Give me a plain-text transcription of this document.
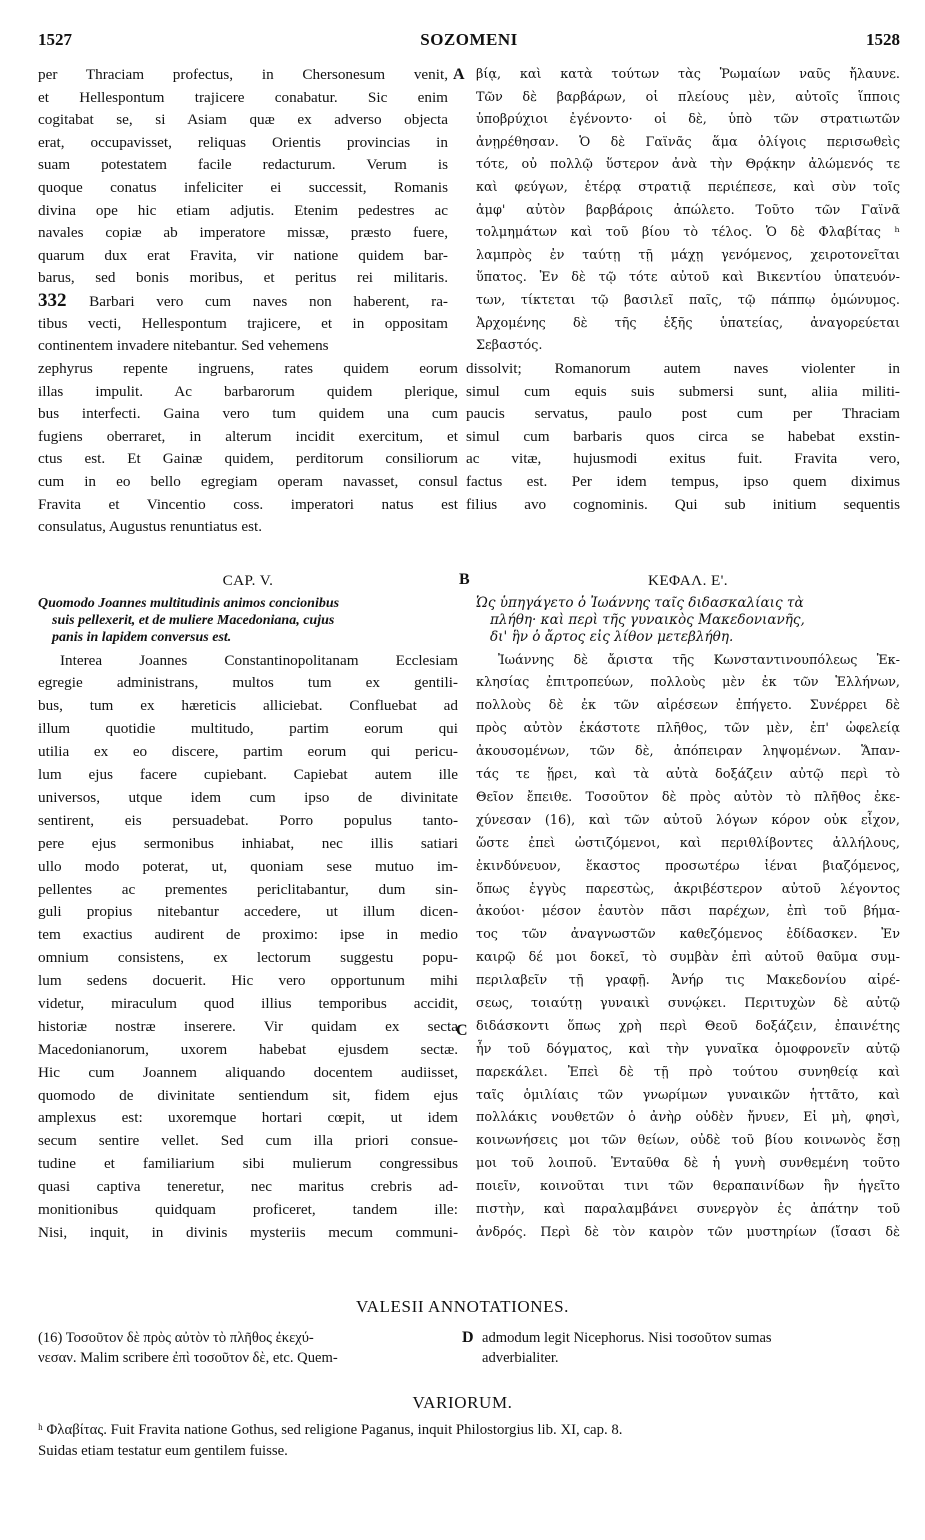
1527	SOZOMENI	1528
per Thraciam profectus, in Chersonesum venit,
et Hellespontum trajicere conabatur. Sic enim
cogitabat se, si Asiam quæ ex adverso objecta
erat, occupavisset, reliquas Orientis provincias in
suam potestatem facile redacturum. Verum is
quoque conatus infeliciter ei successit, Romanis
divina ope hic etiam adjutis. Etenim pedestres ac
navales copiæ ab imperatore missæ, præsto fuere,
quarum dux erat Fravita, vir natione quidem bar-
barus, sed bonis moribus, et peritus rei militaris.
332 Barbari vero cum naves non haberent, ra-
tibus vecti, Hellespontum trajicere, et in oppositam
continentem invadere nitebantur. Sed vehemens
βίᾳ, καὶ κατὰ τούτων τὰς Ῥωμαίων ναῦς ἤλαυνε.
Τῶν δὲ βαρβάρων, οἱ πλείους μὲν, αὐτοῖς ἵπποις
ὑποβρύχιοι ἐγένοντο· οἱ δὲ, ὑπὸ τῶν στρατιωτῶν
ἀνῃρέθησαν. Ὁ δὲ Γαϊνᾶς ἅμα ὀλίγοις περισωθεὶς
τότε, οὐ πολλῷ ὕστερον ἀνὰ τὴν Θρᾴκην ἀλώμενός τε
καὶ φεύγων, ἑτέρᾳ στρατιᾷ περιέπεσε, καὶ σὺν τοῖς
ἀμφ' αὐτὸν βαρβάροις ἀπώλετο. Τοῦτο τῶν Γαϊνᾶ
τολμημάτων καὶ τοῦ βίου τὸ τέλος. Ὁ δὲ Φλαβίτας ʰ
λαμπρὸς ἐν ταύτῃ τῇ μάχῃ γενόμενος, χειροτονεῖται
ὕπατος. Ἐν δὲ τῷ τότε αὐτοῦ καὶ Βικεντίου ὑπατευόν-
των, τίκτεται τῷ βασιλεῖ παῖς, τῷ πάππῳ ὁμώνυμος.
Ἀρχομένης δὲ τῆς ἑξῆς ὑπατείας, ἀναγορεύεται
Σεβαστός.
A
zephyrus repente ingruens, rates quidem eorum dissolvit; Romanorum autem naves violenter in
illas impulit. Ac barbarorum quidem plerique, simul cum equis suis submersi sunt, aliia militi-
bus interfecti. Gaina vero tum quidem una cum paucis servatus, paulo post cum per Thraciam
fugiens oberraret, in alterum incidit exercitum, et simul cum barbaris quos circa se habebat exstin-
ctus est. Et Gainæ quidem, perditorum consiliorum ac vitæ, hujusmodi exitus fuit. Fravita vero,
cum in eo bello egregiam operam navasset, consul factus est. Per idem tempus, ipso quem diximus
Fravita et Vincentio coss. imperatori natus est filius avo cognominis. Qui sub initium sequentis
consulatus, Augustus renuntiatus est.
CAP. V.
Quomodo Joannes multitudinis animos concionibus
suis pellexerit, et de muliere Macedoniana, cujus
panis in lapidem conversus est.
Interea Joannes Constantinopolitanam Ecclesiam
egregie administrans, multos tum ex gentili-
bus, tum ex hæreticis alliciebat. Confluebat ad
illum quotidie multitudo, partim eorum qui
utilia ex eo discere, partim eorum qui pericu-
lum ejus facere cupiebant. Capiebat autem ille
universos, utque idem cum ipso de divinitate
sentirent, eis persuadebat. Porro populus tanto-
pere ejus sermonibus inhiabat, nec illis satiari
ullo modo poterat, ut, quoniam sese mutuo im-
pellentes ac prementes periclitabantur, dum sin-
guli propius nitebantur accedere, ut illum dicen-
tem exactius audirent de proximo: ipse in medio
omnium consistens, ex lectorum suggestu popu-
lum sedens docuerit. Hic vero opportunum mihi
videtur, miraculum quod illius temporibus accidit,
historiæ nostræ inserere. Vir quidam ex secta
Macedonianorum, uxorem habebat ejusdem sectæ.
Hic cum Joannem aliquando docentem audiisset,
quomodo de divinitate sentiendum sit, fidem ejus
amplexus est: uxoremque hortari cœpit, ut idem
secum sentire vellet. Sed cum illa priori consue-
tudine et familiarium sibi mulierum congressibus
quasi captiva teneretur, nec maritus crebris ad-
monitionibus quidquam proficeret, tandem ille:
Nisi, inquit, in divinis mysteriis mecum communi-
ΚΕΦΑΛ. Ε'.
Ὡς ὑπηγάγετο ὁ Ἰωάννης ταῖς διδασκαλίαις τὰ
πλήθη· καὶ περὶ τῆς γυναικὸς Μακεδονιανῆς,
δι' ἣν ὁ ἄρτος εἰς λίθον μετεβλήθη.
Ἰωάννης δὲ ἄριστα τῆς Κωνσταντινουπόλεως Ἐκ-
κλησίας ἐπιτροπεύων, πολλοὺς μὲν ἐκ τῶν Ἑλλήνων,
πολλοὺς δὲ ἐκ τῶν αἱρέσεων ἐπήγετο. Συνέρρει δὲ
πρὸς αὐτὸν ἑκάστοτε πλῆθος, τῶν μὲν, ἐπ' ὠφελείᾳ
ἀκουσομένων, τῶν δὲ, ἀπόπειραν ληψομένων. Ἅπαν-
τάς τε ᾕρει, καὶ τὰ αὐτὰ δοξάζειν αὐτῷ περὶ τὸ
Θεῖον ἔπειθε. Τοσοῦτον δὲ πρὸς αὐτὸν τὸ πλῆθος ἐκε-
χύνεσαν (16), καὶ τῶν αὐτοῦ λόγων κόρον οὐκ εἶχον,
ὥστε ἐπεὶ ὠστιζόμενοι, καὶ περιθλίβοντες ἀλλήλους,
ἐκινδύνευον, ἕκαστος προσωτέρω ἰέναι βιαζόμενος,
ὅπως ἐγγὺς παρεστὼς, ἀκριβέστερον αὐτοῦ λέγοντος
ἀκούοι· μέσον ἑαυτὸν πᾶσι παρέχων, ἐπὶ τοῦ βήμα-
τος τῶν ἀναγνωστῶν καθεζόμενος ἐδίδασκεν. Ἐν
καιρῷ δέ μοι δοκεῖ, τὸ συμβὰν ἐπὶ αὐτοῦ θαῦμα συμ-
περιλαβεῖν τῇ γραφῇ. Ἀνήρ τις Μακεδονίου αἱρέ-
σεως, τοιαύτῃ γυναικὶ συνῴκει. Περιτυχὼν δὲ αὐτῷ
διδάσκοντι ὅπως χρὴ περὶ Θεοῦ δοξάζειν, ἐπαινέτης
ἦν τοῦ δόγματος, καὶ τὴν γυναῖκα ὁμοφρονεῖν αὐτῷ
παρεκάλει. Ἐπεὶ δὲ τῇ πρὸ τούτου συνηθείᾳ καὶ
ταῖς ὁμιλίαις τῶν γνωρίμων γυναικῶν ἡττᾶτο, καὶ
πολλάκις νουθετῶν ὁ ἀνὴρ οὐδὲν ἤνυεν, Εἰ μὴ, φησὶ,
κοινωνήσεις μοι τῶν θείων, οὐδὲ τοῦ βίου κοινωνὸς ἔσῃ
μοι τοῦ λοιποῦ. Ἐνταῦθα δὲ ἡ γυνὴ συνθεμένη τοῦτο
ποιεῖν, κοινοῦται τινι τῶν θεραπαινίδων ἣν ἡγεῖτο
πιστὴν, καὶ παραλαμβάνει συνεργὸν ἐς ἀπάτην τοῦ
ἀνδρός. Περὶ δὲ τὸν καιρὸν τῶν μυστηρίων (ἴσασι δὲ
B
C
VALESII ANNOTATIONES.
(16) Τοσοῦτον δὲ πρὸς αὐτὸν τὸ πλῆθος ἐκεχύ-
νεσαν. Malim scribere ἐπὶ τοσοῦτον δὲ, etc. Quem-
D admodum legit Nicephorus. Nisi τοσοῦτον sumas
adverbialiter.
VARIORUM.
ʰ Φλαβίτας. Fuit Fravita natione Gothus, sed religione Paganus, inquit Philostorgius lib. XI, cap. 8.
Suidas etiam testatur eum gentilem fuisse.
